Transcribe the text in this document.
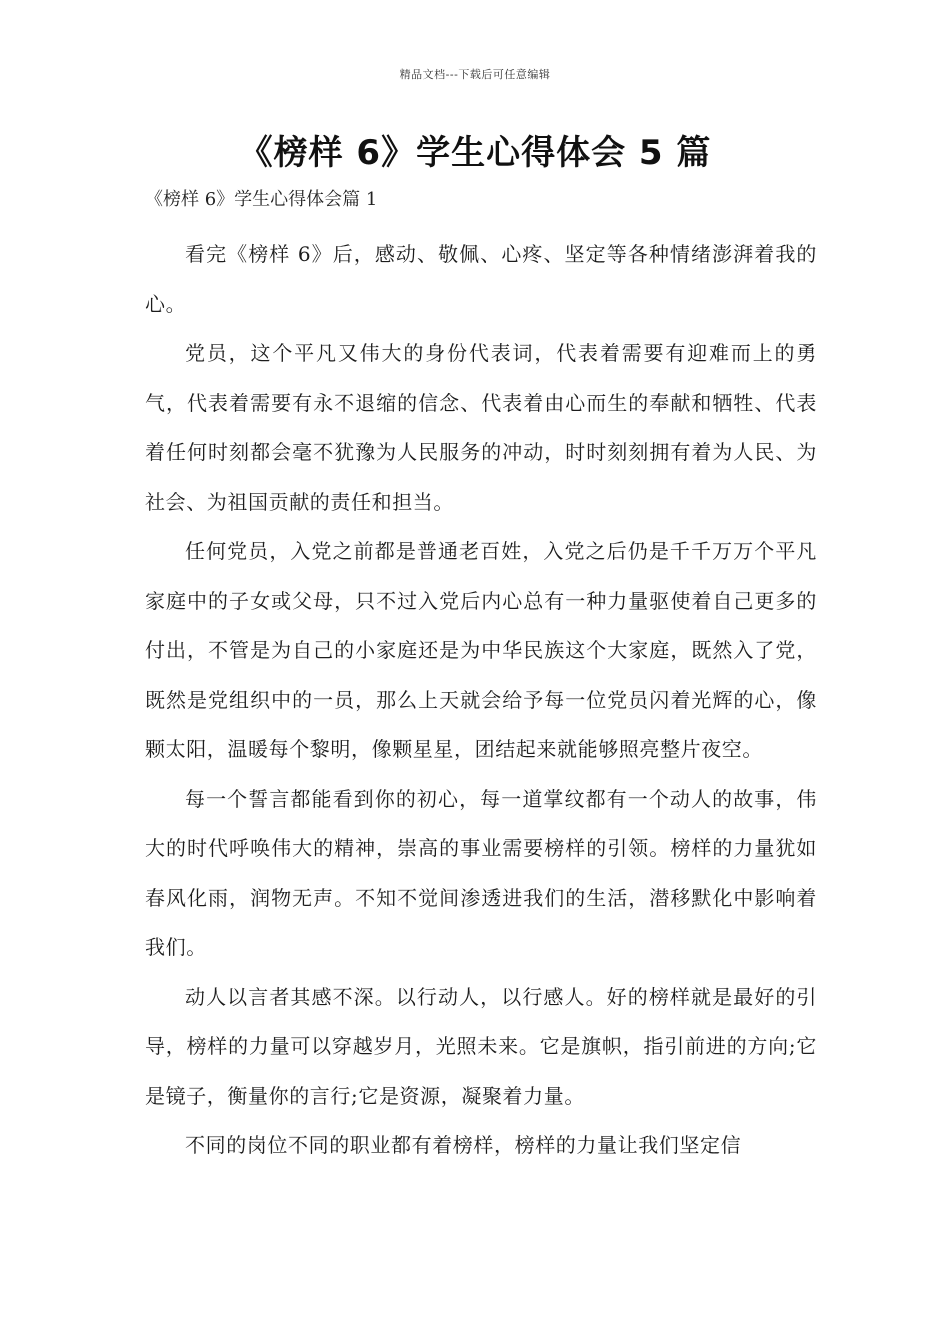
精品文档---下载后可任意编辑
《榜样 6》学生心得体会 5 篇
《榜样 6》学生心得体会篇 1

看完《榜样 6》后，感动、敬佩、心疼、坚定等各种情绪澎湃着我的心。

党员，这个平凡又伟大的身份代表词，代表着需要有迎难而上的勇气，代表着需要有永不退缩的信念、代表着由心而生的奉献和牺牲、代表着任何时刻都会毫不犹豫为人民服务的冲动，时时刻刻拥有着为人民、为社会、为祖国贡献的责任和担当。

任何党员，入党之前都是普通老百姓，入党之后仍是千千万万个平凡家庭中的子女或父母，只不过入党后内心总有一种力量驱使着自己更多的付出，不管是为自己的小家庭还是为中华民族这个大家庭，既然入了党，既然是党组织中的一员，那么上天就会给予每一位党员闪着光辉的心，像颗太阳，温暖每个黎明，像颗星星，团结起来就能够照亮整片夜空。

每一个誓言都能看到你的初心，每一道掌纹都有一个动人的故事，伟大的时代呼唤伟大的精神，崇高的事业需要榜样的引领。榜样的力量犹如春风化雨，润物无声。不知不觉间渗透进我们的生活，潜移默化中影响着我们。

动人以言者其感不深。以行动人，以行感人。好的榜样就是最好的引导，榜样的力量可以穿越岁月，光照未来。它是旗帜，指引前进的方向;它是镜子，衡量你的言行;它是资源，凝聚着力量。

不同的岗位不同的职业都有着榜样，榜样的力量让我们坚定信
